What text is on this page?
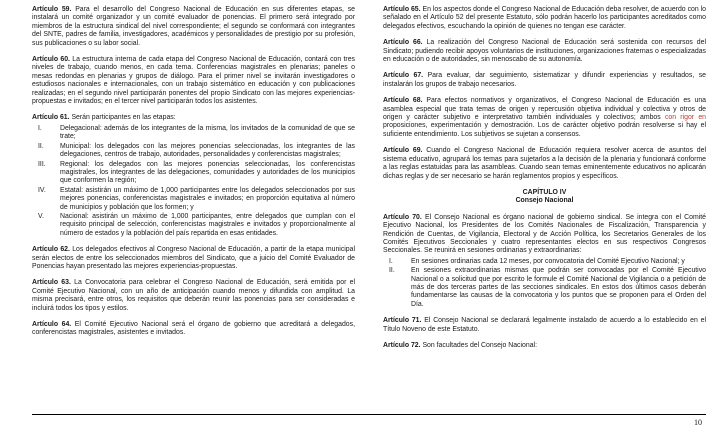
Artículo 59. Para el desarrollo del Congreso Nacional de Educación en sus diferentes etapas, se instalará un comité organizador y un comité evaluador de ponencias. El primero será integrado por miembros de la estructura sindical del nivel correspondiente; el segundo se conformará con integrantes del SNTE, padres de familia, investigadores, académicos y personalidades de prestigio por su profesión, sus publicaciones o su labor social.

Artículo 60. La estructura interna de cada etapa del Congreso Nacional de Educación, contará con tres niveles de trabajo, cuando menos, en cada tema. Conferencias magistrales en plenarias; paneles o mesas redondas en plenarias y grupos de diálogo. Para el primer nivel se invitarán investigadores o estudiosos nacionales e internacionales, con un trabajo sistemático en educación y con publicaciones realizadas; en el segundo nivel participarán ponentes del propio Sindicato con las mejores experiencias-propuestas e invitados; en el tercer nivel participarán todos los asistentes.

Artículo 61. Serán participantes en las etapas:

I.	Delegacional: además de los integrantes de la misma, los invitados de la comunidad de que se trate;
II.	Municipal: los delegados con las mejores ponencias seleccionadas, los integrantes de las delegaciones, centros de trabajo, autoridades, personalidades y conferencistas magistrales;
III.	Regional: los delegados con las mejores ponencias seleccionadas, los conferencistas magistrales, los integrantes de las delegaciones, comunidades y autoridades de los municipios que conformen la región;
IV.	Estatal: asistirán un máximo de 1,000 participantes entre los delegados seleccionados por sus mejores ponencias, conferencistas magistrales e invitados; en proporción equitativa al número de municipios y población que los formen; y
V.	Nacional: asistirán un máximo de 1,000 participantes, entre delegados que cumplan con el requisito principal de selección, conferencistas magistrales e invitados y proporcionalmente al número de estados y la población del país repartida en esas entidades.

Artículo 62. Los delegados efectivos al Congreso Nacional de Educación, a partir de la etapa municipal serán electos de entre los seleccionados miembros del Sindicato, que a juicio del Comité Evaluador de Ponencias hayan presentado las mejores experiencias-propuestas.

Artículo 63. La Convocatoria para celebrar el Congreso Nacional de Educación, será emitida por el Comité Ejecutivo Nacional, con un año de anticipación cuando menos y difundida con amplitud. La misma precisará, entre otros, los requisitos que deberán reunir las ponencias para ser consideradas e incluirá todos los tipos y estilos.

Artículo 64. El Comité Ejecutivo Nacional será el órgano de gobierno que acreditará a delegados, conferencistas magistrales, asistentes e invitados.

Artículo 65. En los aspectos donde el Congreso Nacional de Educación deba resolver, de acuerdo con lo señalado en el Artículo 52 del presente Estatuto, sólo podrán hacerlo los participantes acreditados como delegados efectivos, escuchando la opinión de quienes no tengan ese carácter.

Artículo 66. La realización del Congreso Nacional de Educación será sostenida con recursos del Sindicato; pudiendo recibir apoyos voluntarios de instituciones, organizaciones fraternas o especializadas en educación o de autoridades, sin menoscabo de su autonomía.

Artículo 67. Para evaluar, dar seguimiento, sistematizar y difundir experiencias y resultados, se instalarán los grupos de trabajo necesarios.

Artículo 68. Para efectos normativos y organizativos, el Congreso Nacional de Educación es una asamblea especial que trata temas de origen y repercusión objetiva individual y colectiva y otros de origen y carácter subjetivo e interpretativo también individuales y colectivos; ambos con rigor en proposiciones, experimentación y demostración. Los de carácter objetivo podrán resolverse si hay el suficiente entendimiento. Los subjetivos se sujetan a consensos.

Artículo 69. Cuando el Congreso Nacional de Educación requiera resolver acerca de asuntos del sistema educativo, agrupará los temas para sujetarlos a la decisión de la plenaria y funcionará conforme a las reglas estatuidas para las asambleas. Cuando sean temas eminentemente educativos no aplicarán dichas reglas y de ser necesario se harán reglamentos propios y específicos.

CAPÍTULO IV
Consejo Nacional

Artículo 70. El Consejo Nacional es órgano nacional de gobierno sindical. Se integra con el Comité Ejecutivo Nacional, los Presidentes de los Comités Nacionales de Fiscalización, Transparencia y Rendición de Cuentas, de Vigilancia, Electoral y de Acción Política, los Secretarios Generales de los Comités Ejecutivos Seccionales y cuatro representantes electos en sus respectivos Congresos Seccionales. Se reunirá en sesiones ordinarias y extraordinarias:

I.	En sesiones ordinarias cada 12 meses, por convocatoria del Comité Ejecutivo Nacional; y
II.	En sesiones extraordinarias mismas que podrán ser convocadas por el Comité Ejecutivo Nacional o a solicitud que por escrito le formule el Comité Nacional de Vigilancia o a petición de más de dos terceras partes de las secciones sindicales. En estos dos últimos casos deberán fundamentarse las causas de la convocatoria y los puntos que se proponen para el Orden del Día.

Artículo 71. El Consejo Nacional se declarará legalmente instalado de acuerdo a lo establecido en el Título Noveno de este Estatuto.

Artículo 72. Son facultades del Consejo Nacional:

10
